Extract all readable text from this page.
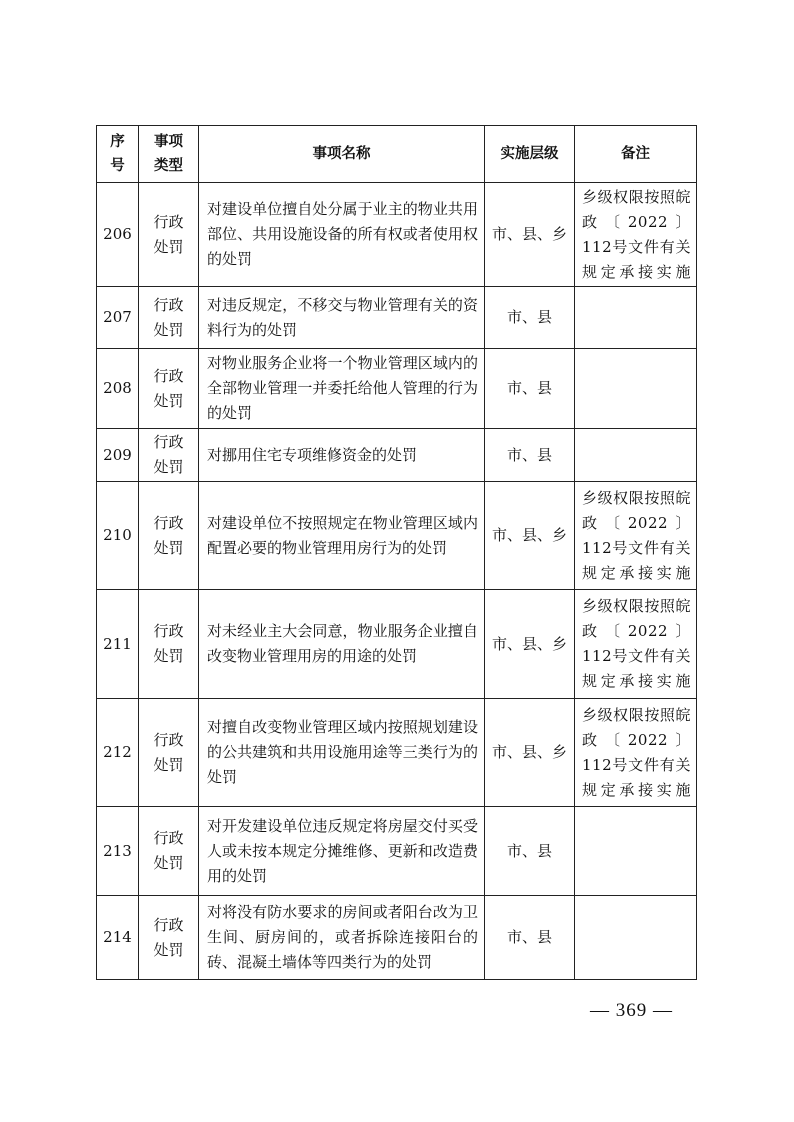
序号	事项类型	事项名称	实施层级	备注
206	行政处罚	对建设单位擅自处分属于业主的物业共用部位、共用设施设备的所有权或者使用权的处罚	市、县、乡	乡级权限按照皖政〔2022〕112号文件有关规定承接实施
207	行政处罚	对违反规定，不移交与物业管理有关的资料行为的处罚	市、县	
208	行政处罚	对物业服务企业将一个物业管理区域内的全部物业管理一并委托给他人管理的行为的处罚	市、县	
209	行政处罚	对挪用住宅专项维修资金的处罚	市、县	
210	行政处罚	对建设单位不按照规定在物业管理区域内配置必要的物业管理用房行为的处罚	市、县、乡	乡级权限按照皖政〔2022〕112号文件有关规定承接实施
211	行政处罚	对未经业主大会同意，物业服务企业擅自改变物业管理用房的用途的处罚	市、县、乡	乡级权限按照皖政〔2022〕112号文件有关规定承接实施
212	行政处罚	对擅自改变物业管理区域内按照规划建设的公共建筑和共用设施用途等三类行为的处罚	市、县、乡	乡级权限按照皖政〔2022〕112号文件有关规定承接实施
213	行政处罚	对开发建设单位违反规定将房屋交付买受人或未按本规定分摊维修、更新和改造费用的处罚	市、县	
214	行政处罚	对将没有防水要求的房间或者阳台改为卫生间、厨房间的，或者拆除连接阳台的砖、混凝土墙体等四类行为的处罚	市、县	
— 369 —
